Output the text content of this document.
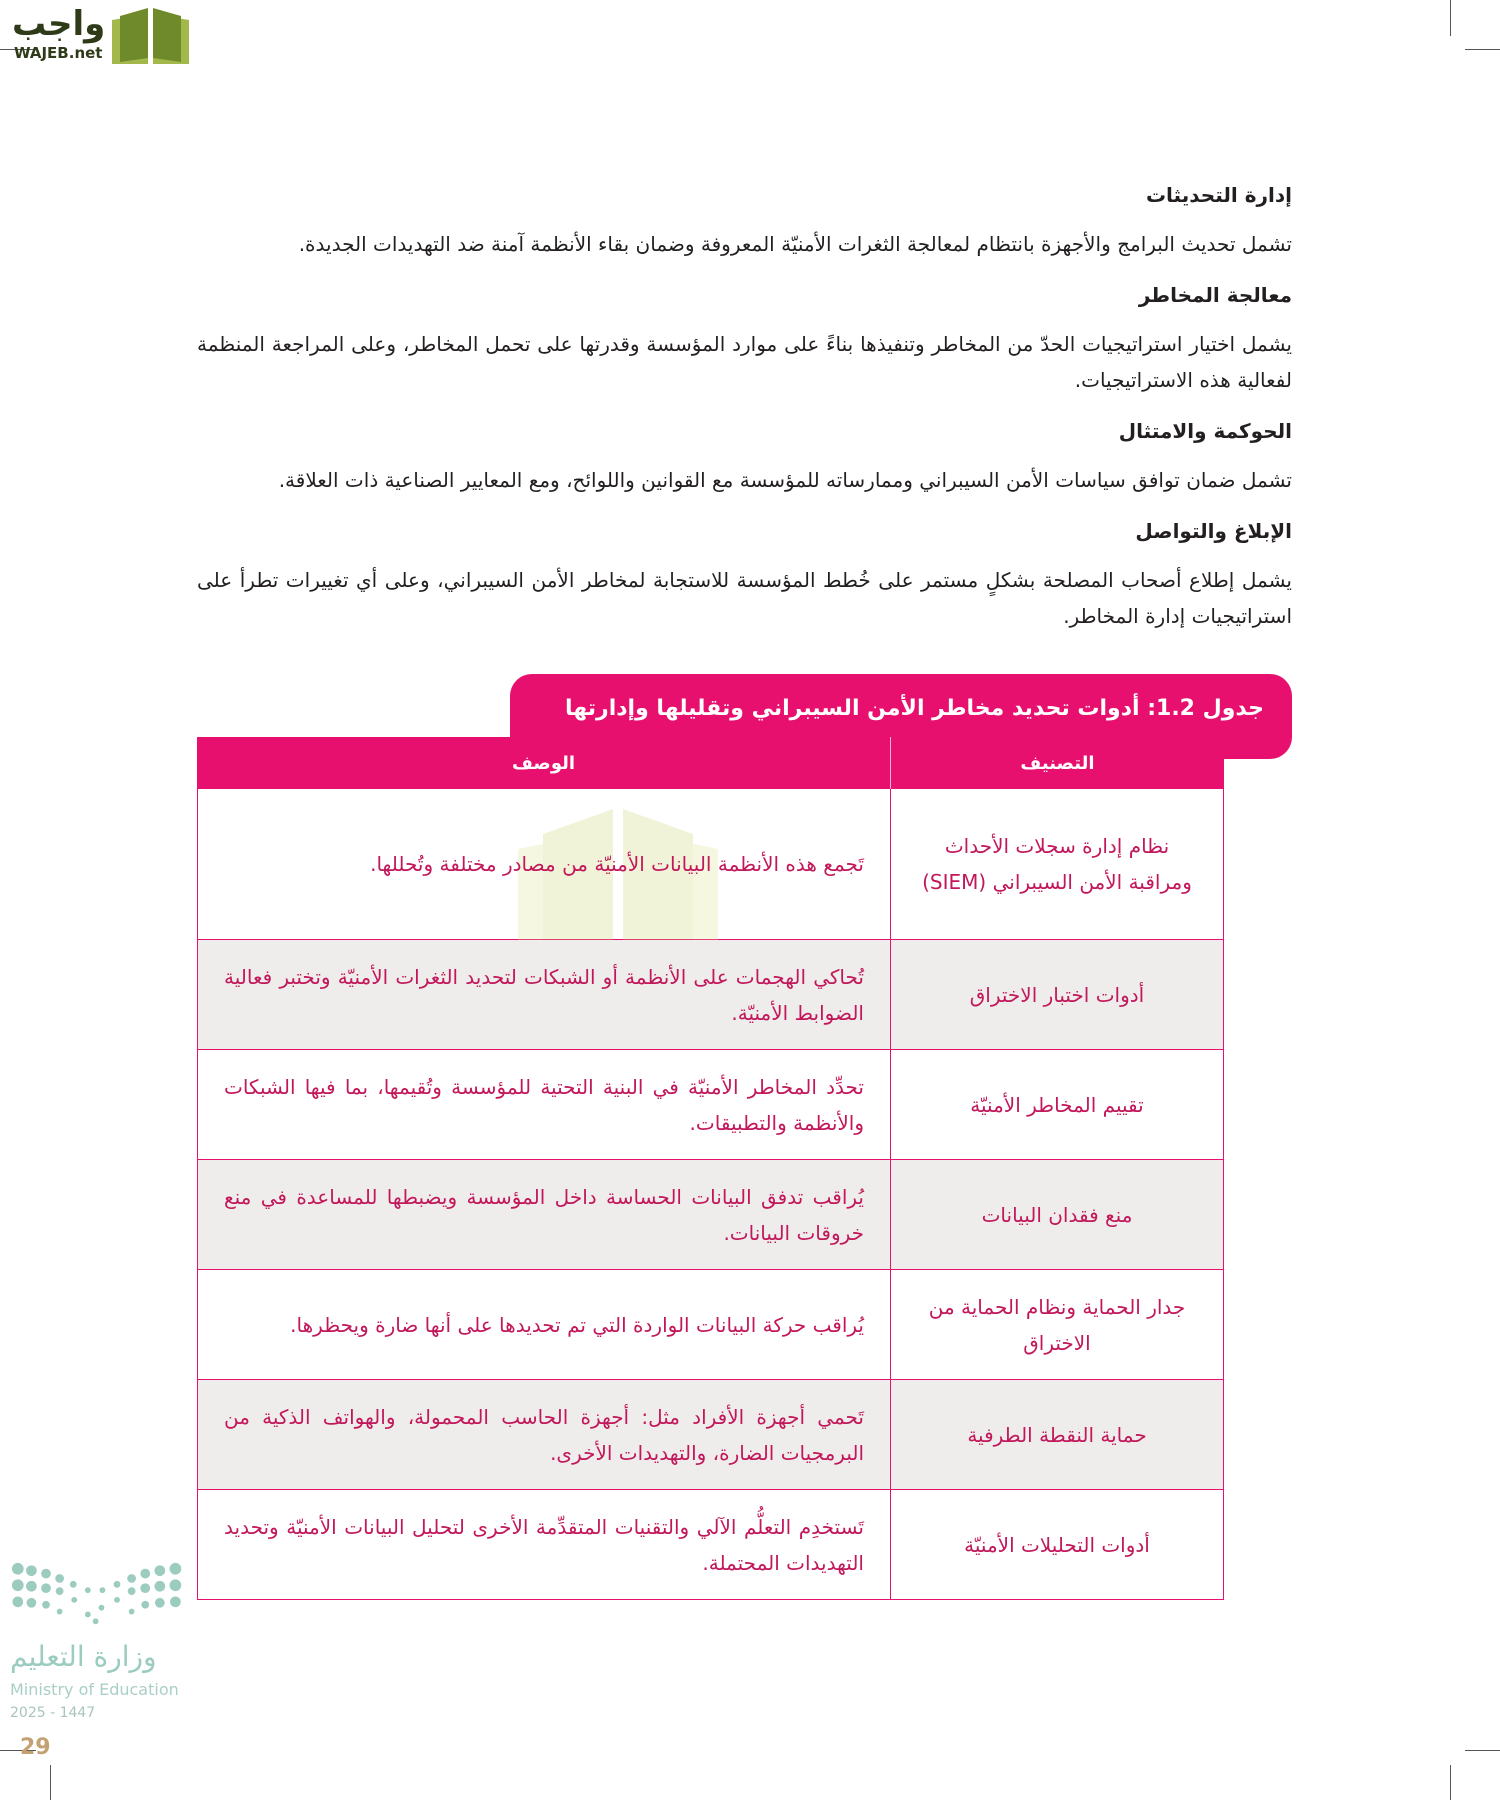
واجب
WAJEB.net
إدارة التحديثات

تشمل تحديث البرامج والأجهزة بانتظام لمعالجة الثغرات الأمنيّة المعروفة وضمان بقاء الأنظمة آمنة ضد التهديدات الجديدة.

معالجة المخاطر

يشمل اختيار استراتيجيات الحدّ من المخاطر وتنفيذها بناءً على موارد المؤسسة وقدرتها على تحمل المخاطر، وعلى المراجعة المنظمة لفعالية هذه الاستراتيجيات.

الحوكمة والامتثال

تشمل ضمان توافق سياسات الأمن السيبراني وممارساته للمؤسسة مع القوانين واللوائح، ومع المعايير الصناعية ذات العلاقة.

الإبلاغ والتواصل

يشمل إطلاع أصحاب المصلحة بشكلٍ مستمر على خُطط المؤسسة للاستجابة لمخاطر الأمن السيبراني، وعلى أي تغييرات تطرأ على استراتيجيات إدارة المخاطر.

جدول 1.2: أدوات تحديد مخاطر الأمن السيبراني وتقليلها وإدارتها
التصنيف
الوصف
نظام إدارة سجلات الأحداث ومراقبة الأمن السيبراني (SIEM)
تَجمع هذه الأنظمة البيانات الأمنيّة من مصادر مختلفة وتُحللها.
أدوات اختبار الاختراق
تُحاكي الهجمات على الأنظمة أو الشبكات لتحديد الثغرات الأمنيّة وتختبر فعالية الضوابط الأمنيّة.
تقييم المخاطر الأمنيّة
تحدِّد المخاطر الأمنيّة في البنية التحتية للمؤسسة وتُقيمها، بما فيها الشبكات والأنظمة والتطبيقات.
منع فقدان البيانات
يُراقب تدفق البيانات الحساسة داخل المؤسسة ويضبطها للمساعدة في منع خروقات البيانات.
جدار الحماية ونظام الحماية من الاختراق
يُراقب حركة البيانات الواردة التي تم تحديدها على أنها ضارة ويحظرها.
حماية النقطة الطرفية
تَحمي أجهزة الأفراد مثل: أجهزة الحاسب المحمولة، والهواتف الذكية من البرمجيات الضارة، والتهديدات الأخرى.
أدوات التحليلات الأمنيّة
تَستخدِم التعلُّم الآلي والتقنيات المتقدِّمة الأخرى لتحليل البيانات الأمنيّة وتحديد التهديدات المحتملة.
وزارة التعليم
Ministry of Education
2025 - 1447
29
